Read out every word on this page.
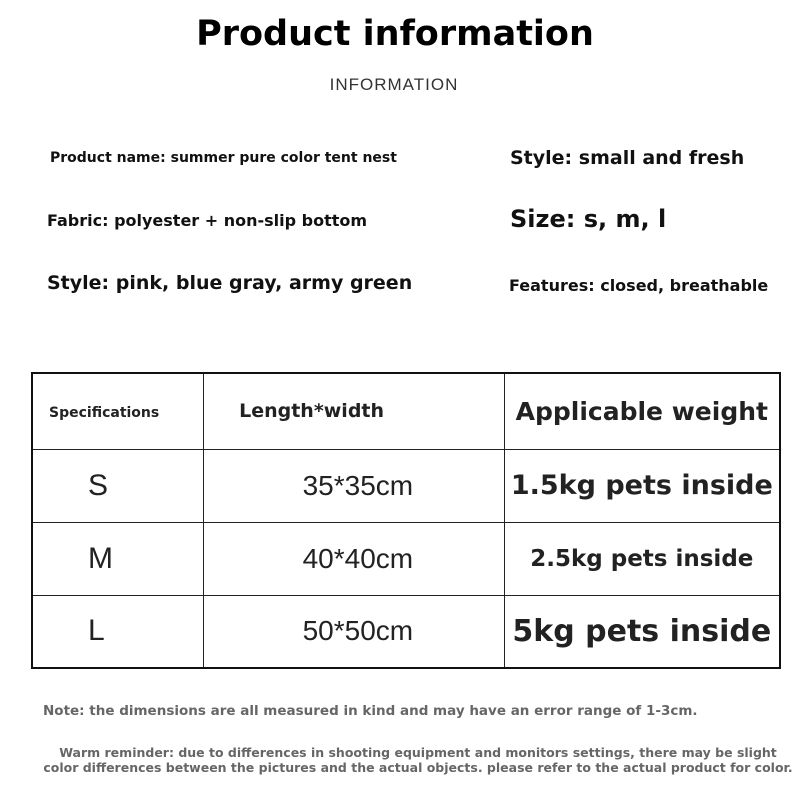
Product information
INFORMATION
Product name: summer pure color tent nest	Style: small and fresh
Fabric: polyester + non-slip bottom	Size: s, m, l
Style: pink, blue gray, army green	Features: closed, breathable
Specifications	Length*width	Applicable weight
S	35*35cm	1.5kg pets inside
M	40*40cm	2.5kg pets inside
L	50*50cm	5kg pets inside
Note: the dimensions are all measured in kind and may have an error range of 1-3cm.
Warm reminder: due to differences in shooting equipment and monitors settings, there may be slight
color differences between the pictures and the actual objects. please refer to the actual product for color.
